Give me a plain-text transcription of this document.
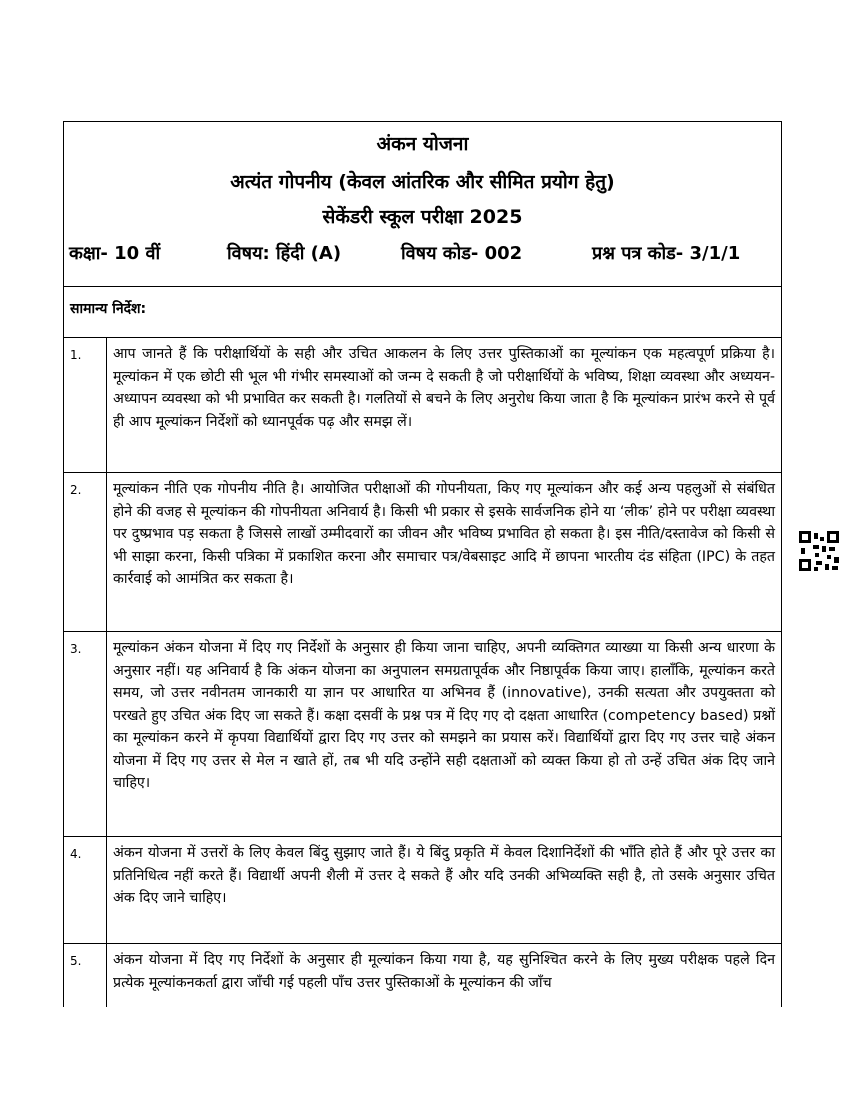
अंकन योजना
अत्यंत गोपनीय (केवल आंतरिक और सीमित प्रयोग हेतु)
सेकेंडरी स्कूल परीक्षा 2025
कक्षा- 10 वीं	विषय: हिंदी (A)	विषय कोड- 002	प्रश्न पत्र कोड- 3/1/1
सामान्य निर्देश:
1.	आप जानते हैं कि परीक्षार्थियों के सही और उचित आकलन के लिए उत्तर पुस्तिकाओं का मूल्यांकन एक महत्वपूर्ण प्रक्रिया है। मूल्यांकन में एक छोटी सी भूल भी गंभीर समस्याओं को जन्म दे सकती है जो परीक्षार्थियों के भविष्य, शिक्षा व्यवस्था और अध्ययन-अध्यापन व्यवस्था को भी प्रभावित कर सकती है। गलतियों से बचने के लिए अनुरोध किया जाता है कि मूल्यांकन प्रारंभ करने से पूर्व ही आप मूल्यांकन निर्देशों को ध्यानपूर्वक पढ़ और समझ लें।
2.	मूल्यांकन नीति एक गोपनीय नीति है। आयोजित परीक्षाओं की गोपनीयता, किए गए मूल्यांकन और कई अन्य पहलुओं से संबंधित होने की वजह से मूल्यांकन की गोपनीयता अनिवार्य है। किसी भी प्रकार से इसके सार्वजनिक होने या ‘लीक’ होने पर परीक्षा व्यवस्था पर दुष्प्रभाव पड़ सकता है जिससे लाखों उम्मीदवारों का जीवन और भविष्य प्रभावित हो सकता है। इस नीति/दस्तावेज को किसी से भी साझा करना, किसी पत्रिका में प्रकाशित करना और समाचार पत्र/वेबसाइट आदि में छापना भारतीय दंड संहिता (IPC) के तहत कार्रवाई को आमंत्रित कर सकता है।
3.	मूल्यांकन अंकन योजना में दिए गए निर्देशों के अनुसार ही किया जाना चाहिए, अपनी व्यक्तिगत व्याख्या या किसी अन्य धारणा के अनुसार नहीं। यह अनिवार्य है कि अंकन योजना का अनुपालन समग्रतापूर्वक और निष्ठापूर्वक किया जाए। हालाँकि, मूल्यांकन करते समय, जो उत्तर नवीनतम जानकारी या ज्ञान पर आधारित या अभिनव हैं (innovative), उनकी सत्यता और उपयुक्तता को परखते हुए उचित अंक दिए जा सकते हैं। कक्षा दसवीं के प्रश्न पत्र में दिए गए दो दक्षता आधारित (competency based) प्रश्नों का मूल्यांकन करने में कृपया विद्यार्थियों द्वारा दिए गए उत्तर को समझने का प्रयास करें। विद्यार्थियों द्वारा दिए गए उत्तर चाहे अंकन योजना में दिए गए उत्तर से मेल न खाते हों, तब भी यदि उन्होंने सही दक्षताओं को व्यक्त किया हो तो उन्हें उचित अंक दिए जाने चाहिए।
4.	अंकन योजना में उत्तरों के लिए केवल बिंदु सुझाए जाते हैं। ये बिंदु प्रकृति में केवल दिशानिर्देशों की भाँति होते हैं और पूरे उत्तर का प्रतिनिधित्व नहीं करते हैं। विद्यार्थी अपनी शैली में उत्तर दे सकते हैं और यदि उनकी अभिव्यक्ति सही है, तो उसके अनुसार उचित अंक दिए जाने चाहिए।
5.	अंकन योजना में दिए गए निर्देशों के अनुसार ही मूल्यांकन किया गया है, यह सुनिश्चित करने के लिए मुख्य परीक्षक पहले दिन प्रत्येक मूल्यांकनकर्ता द्वारा जाँची गई पहली पाँच उत्तर पुस्तिकाओं के मूल्यांकन की जाँच
